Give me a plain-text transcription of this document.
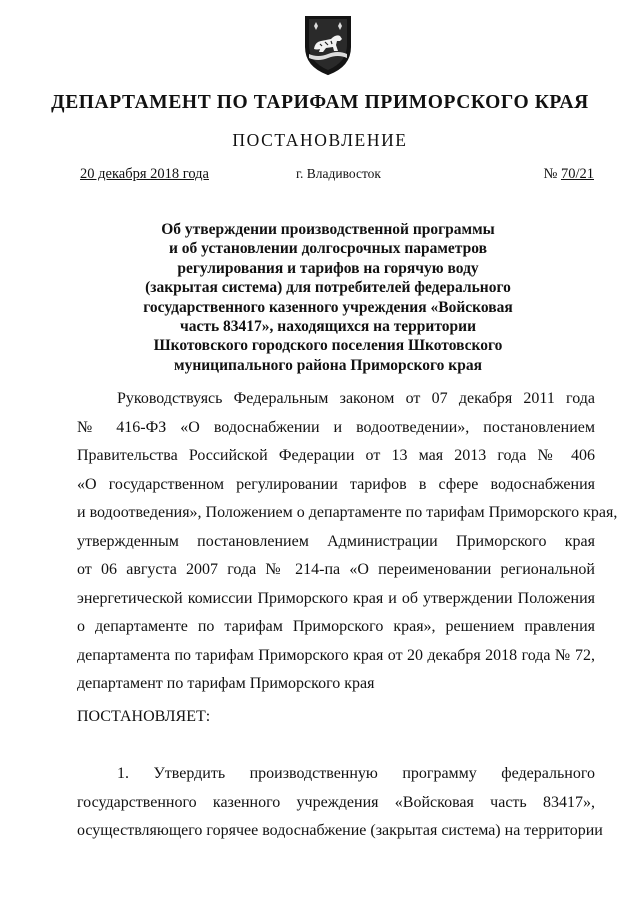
ДЕПАРТАМЕНТ ПО ТАРИФАМ ПРИМОРСКОГО КРАЯ
ПОСТАНОВЛЕНИЕ
20 декабря 2018 года	г. Владивосток	№ 70/21
Об утверждении производственной программы
и об установлении долгосрочных параметров
регулирования и тарифов на горячую воду
(закрытая система) для потребителей федерального
государственного казенного учреждения «Войсковая
часть 83417», находящихся на территории
Шкотовского городского поселения Шкотовского
муниципального района Приморского края
Руководствуясь Федеральным законом от 07 декабря 2011 года
№ 416-ФЗ «О водоснабжении и водоотведении», постановлением
Правительства Российской Федерации от 13 мая 2013 года № 406
«О государственном регулировании тарифов в сфере водоснабжения
и водоотведения», Положением о департаменте по тарифам Приморского края,
утвержденным постановлением Администрации Приморского края
от 06 августа 2007 года № 214-па «О переименовании региональной
энергетической комиссии Приморского края и об утверждении Положения
о департаменте по тарифам Приморского края», решением правления
департамента по тарифам Приморского края от 20 декабря 2018 года № 72,
департамент по тарифам Приморского края
ПОСТАНОВЛЯЕТ:
1. Утвердить производственную программу федерального
государственного казенного учреждения «Войсковая часть 83417»,
осуществляющего горячее водоснабжение (закрытая система) на территории
